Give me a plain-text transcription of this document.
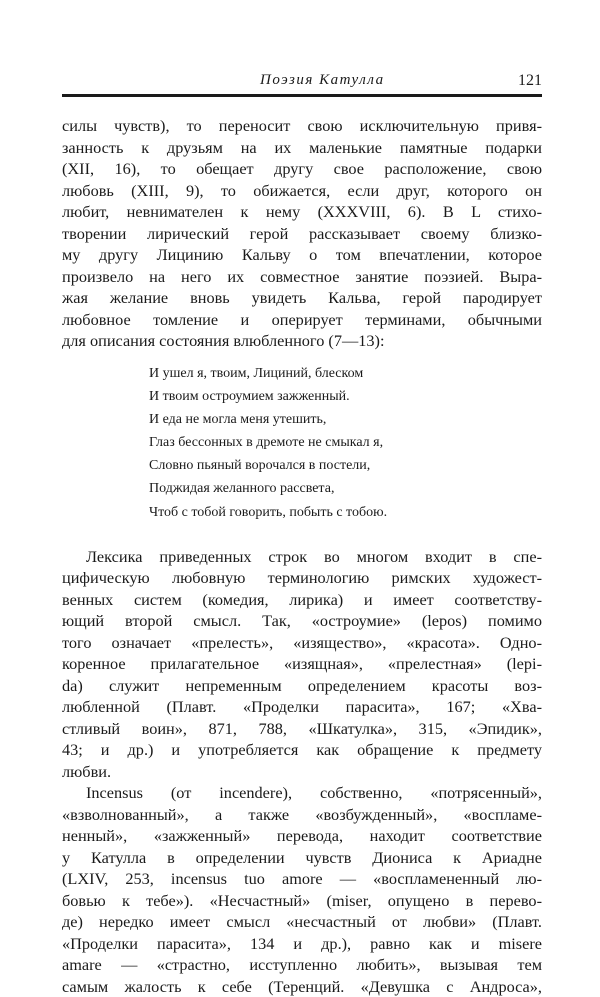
Поэзия Катулла	121
силы чувств), то переносит свою исключительную привя-
занность к друзьям на их маленькие памятные подарки
(XII, 16), то обещает другу свое расположение, свою
любовь (XIII, 9), то обижается, если друг, которого он
любит, невнимателен к нему (XXXVIII, 6). В L стихо-
творении лирический герой рассказывает своему близко-
му другу Лицинию Кальву о том впечатлении, которое
произвело на него их совместное занятие поэзией. Выра-
жая желание вновь увидеть Кальва, герой пародирует
любовное томление и оперирует терминами, обычными
для описания состояния влюбленного (7—13):
И ушел я, твоим, Лициний, блеском
И твоим остроумием зажженный.
И еда не могла меня утешить,
Глаз бессонных в дремоте не смыкал я,
Словно пьяный ворочался в постели,
Поджидая желанного рассвета,
Чтоб с тобой говорить, побыть с тобою.
Лексика приведенных строк во многом входит в спе-
цифическую любовную терминологию римских художест-
венных систем (комедия, лирика) и имеет соответству-
ющий второй смысл. Так, «остроумие» (lepos) помимо
того означает «прелесть», «изящество», «красота». Одно-
коренное прилагательное «изящная», «прелестная» (lepi-
da) служит непременным определением красоты воз-
любленной (Плавт. «Проделки парасита», 167; «Хва-
стливый воин», 871, 788, «Шкатулка», 315, «Эпидик»,
43; и др.) и употребляется как обращение к предмету
любви.
Incensus (от incendere), собственно, «потрясенный»,
«взволнованный», а также «возбужденный», «воспламе-
ненный», «зажженный» перевода, находит соответствие
у Катулла в определении чувств Диониса к Ариадне
(LXIV, 253, incensus tuo amore — «воспламененный лю-
бовью к тебе»). «Несчастный» (miser, опущено в перево-
де) нередко имеет смысл «несчастный от любви» (Плавт.
«Проделки парасита», 134 и др.), равно как и misere
amare — «страстно, исступленно любить», вызывая тем
самым жалость к себе (Теренций. «Девушка с Андроса»,
